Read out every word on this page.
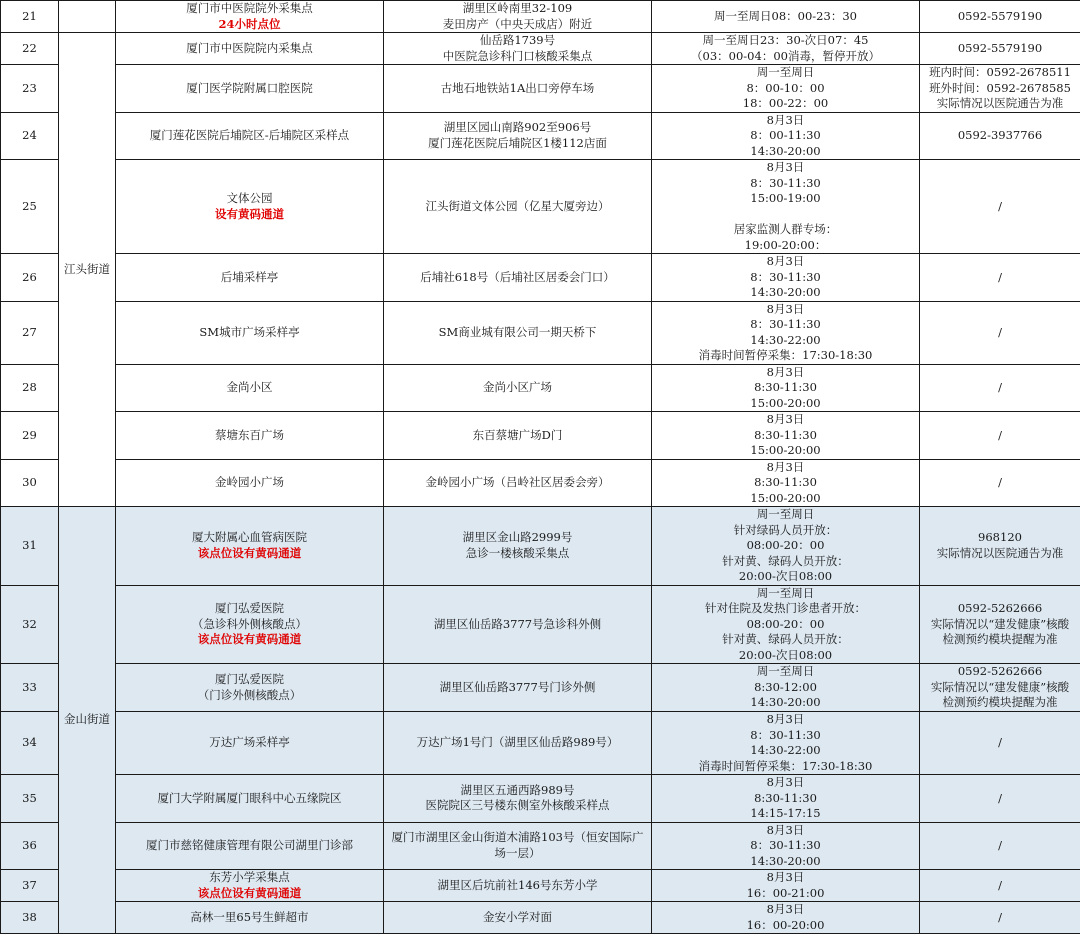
21		厦门市中医院院外采集点
24小时点位	湖里区岭南里32-109
麦田房产（中央天成店）附近	周一至周日08：00-23：30	0592-5579190

22	江头街道	厦门市中医院院内采集点	仙岳路1739号
中医院急诊科门口核酸采集点	周一至周日23：30-次日07：45
（03：00-04：00消毒，暂停开放）	0592-5579190

23		厦门医学院附属口腔医院	古地石地铁站1A出口旁停车场	周一至周日
8：00-10：00
18：00-22：00	班内时间：0592-2678511
班外时间：0592-2678585
实际情况以医院通告为准

24		厦门莲花医院后埔院区-后埔院区采样点	湖里区园山南路902至906号
厦门莲花医院后埔院区1楼112店面	8月3日
8：00-11:30
14:30-20:00	0592-3937766

25		文体公园
设有黄码通道	江头街道文体公园（亿星大厦旁边）	8月3日
8：30-11:30
15:00-19:00

居家监测人群专场：
19:00-20:00：	/

26		后埔采样亭	后埔社618号（后埔社区居委会门口）	8月3日
8：30-11:30
14:30-20:00	/

27		SM城市广场采样亭	SM商业城有限公司一期天桥下	8月3日
8：30-11:30
14:30-22:00
消毒时间暂停采集：17:30-18:30	/

28		金尚小区	金尚小区广场	8月3日
8:30-11:30
15:00-20:00	/

29		蔡塘东百广场	东百蔡塘广场D门	8月3日
8:30-11:30
15:00-20:00	/

30		金岭园小广场	金岭园小广场（吕岭社区居委会旁）	8月3日
8:30-11:30
15:00-20:00	/

31	金山街道	厦大附属心血管病医院
该点位设有黄码通道	湖里区金山路2999号
急诊一楼核酸采集点	周一至周日
针对绿码人员开放：
08:00-20：00
针对黄、绿码人员开放：
20:00-次日08:00	968120
实际情况以医院通告为准

32		厦门弘爱医院
（急诊科外侧核酸点）
该点位设有黄码通道	湖里区仙岳路3777号急诊科外侧	周一至周日
针对住院及发热门诊患者开放：
08:00-20：00
针对黄、绿码人员开放：
20:00-次日08:00	0592-5262666
实际情况以“建发健康”核酸
检测预约模块提醒为准

33		厦门弘爱医院
（门诊外侧核酸点）	湖里区仙岳路3777号门诊外侧	周一至周日
8:30-12:00
14:30-20:00	0592-5262666
实际情况以“建发健康”核酸
检测预约模块提醒为准

34		万达广场采样亭	万达广场1号门（湖里区仙岳路989号）	8月3日
8：30-11:30
14:30-22:00
消毒时间暂停采集：17:30-18:30	/

35		厦门大学附属厦门眼科中心五缘院区	湖里区五通西路989号
医院院区三号楼东侧室外核酸采样点	8月3日
8:30-11:30
14:15-17:15	/

36		厦门市慈铭健康管理有限公司湖里门诊部	厦门市湖里区金山街道木浦路103号（恒安国际广
场一层）	8月3日
8：30-11:30
14:30-20:00	/

37		东芳小学采集点
该点位设有黄码通道	湖里区后坑前社146号东芳小学	8月3日
16：00-21:00	/

38		高林一里65号生鲜超市	金安小学对面	8月3日
16：00-20:00	/
